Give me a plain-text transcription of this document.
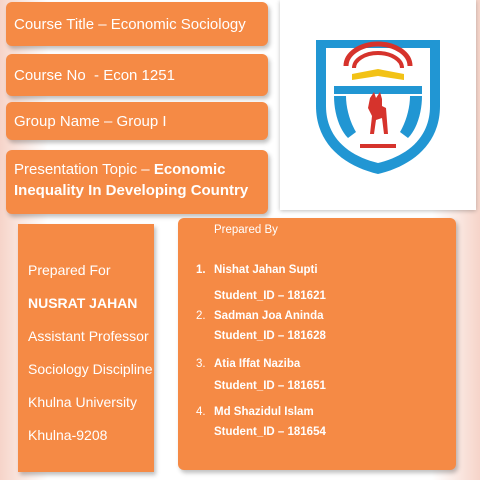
Course Title – Economic Sociology
Course No  - Econ 1251
Group Name – Group I
Presentation Topic – Economic Inequality In Developing Country
Prepared For
NUSRAT JAHAN
Assistant Professor
Sociology Discipline
Khulna University
Khulna-9208
Prepared By
1. Nishat Jahan Supti
Student_ID – 181621
2. Sadman Joa Aninda
Student_ID – 181628
3. Atia Iffat Naziba
Student_ID – 181651
4. Md Shazidul Islam
Student_ID – 181654
